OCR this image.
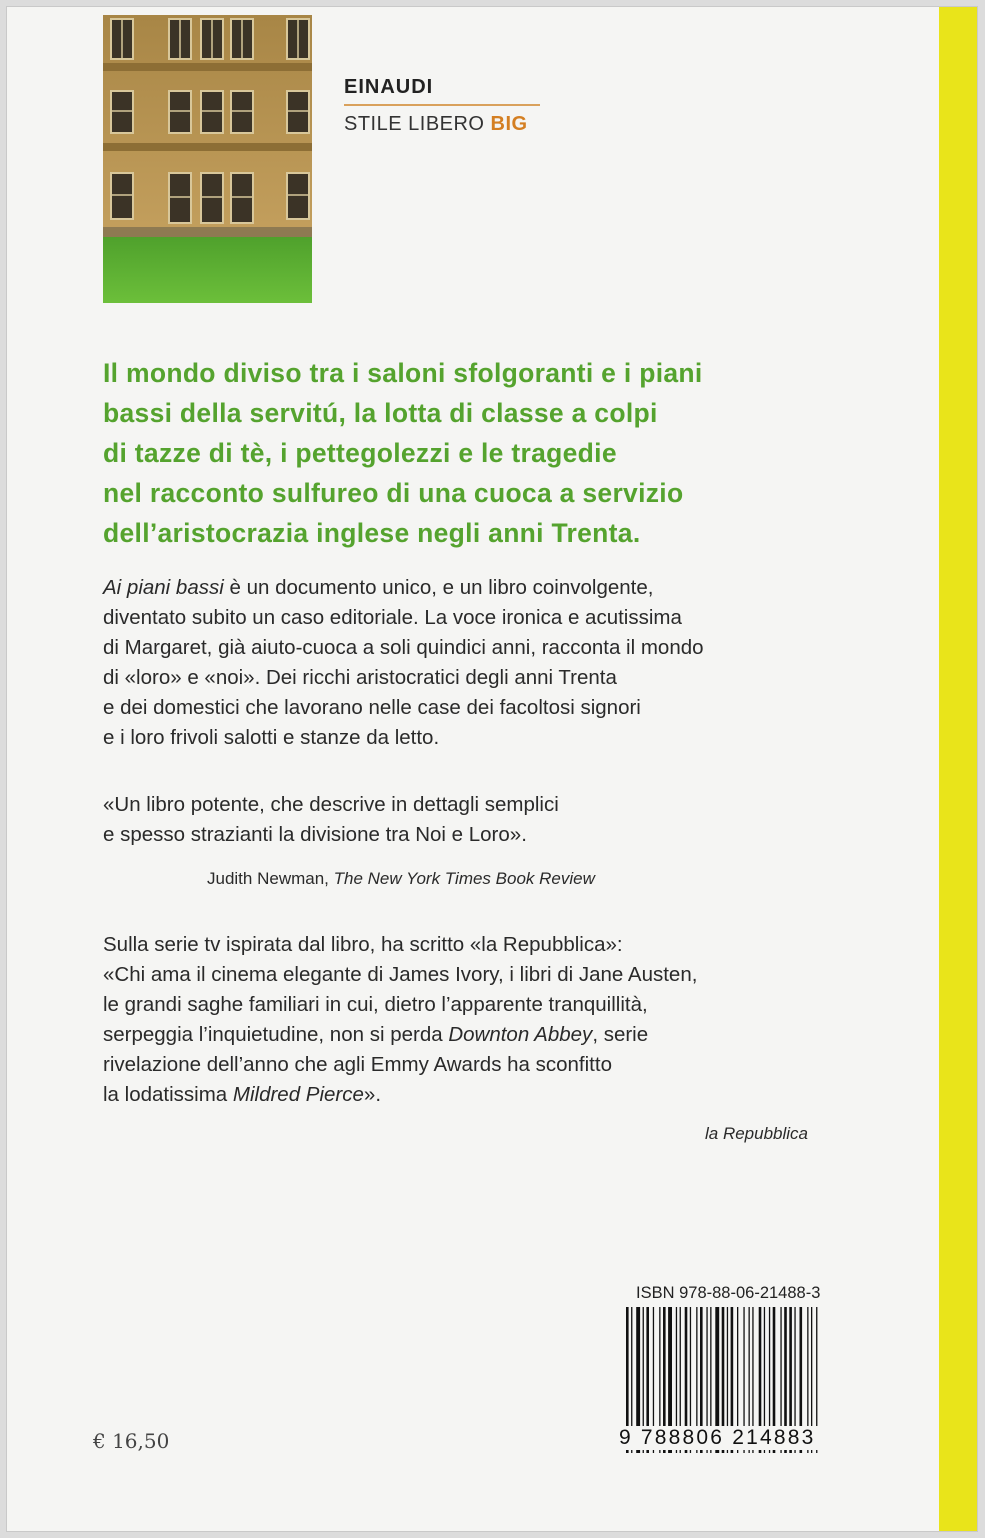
EINAUDI
STILE LIBERO BIG
Il mondo diviso tra i saloni sfolgoranti e i piani
bassi della servitú, la lotta di classe a colpi
di tazze di tè, i pettegolezzi e le tragedie
nel racconto sulfureo di una cuoca a servizio
dell’aristocrazia inglese negli anni Trenta.
Ai piani bassi è un documento unico, e un libro coinvolgente,
diventato subito un caso editoriale. La voce ironica e acutissima
di Margaret, già aiuto-cuoca a soli quindici anni, racconta il mondo
di «loro» e «noi». Dei ricchi aristocratici degli anni Trenta
e dei domestici che lavorano nelle case dei facoltosi signori
e i loro frivoli salotti e stanze da letto.
«Un libro potente, che descrive in dettagli semplici
e spesso strazianti la divisione tra Noi e Loro».
Judith Newman, The New York Times Book Review
Sulla serie tv ispirata dal libro, ha scritto «la Repubblica»:
«Chi ama il cinema elegante di James Ivory, i libri di Jane Austen,
le grandi saghe familiari in cui, dietro l’apparente tranquillità,
serpeggia l’inquietudine, non si perda Downton Abbey, serie
rivelazione dell’anno che agli Emmy Awards ha sconfitto
la lodatissima Mildred Pierce».
la Repubblica
ISBN 978-88-06-21488-3
9 788806 214883
€ 16,50
